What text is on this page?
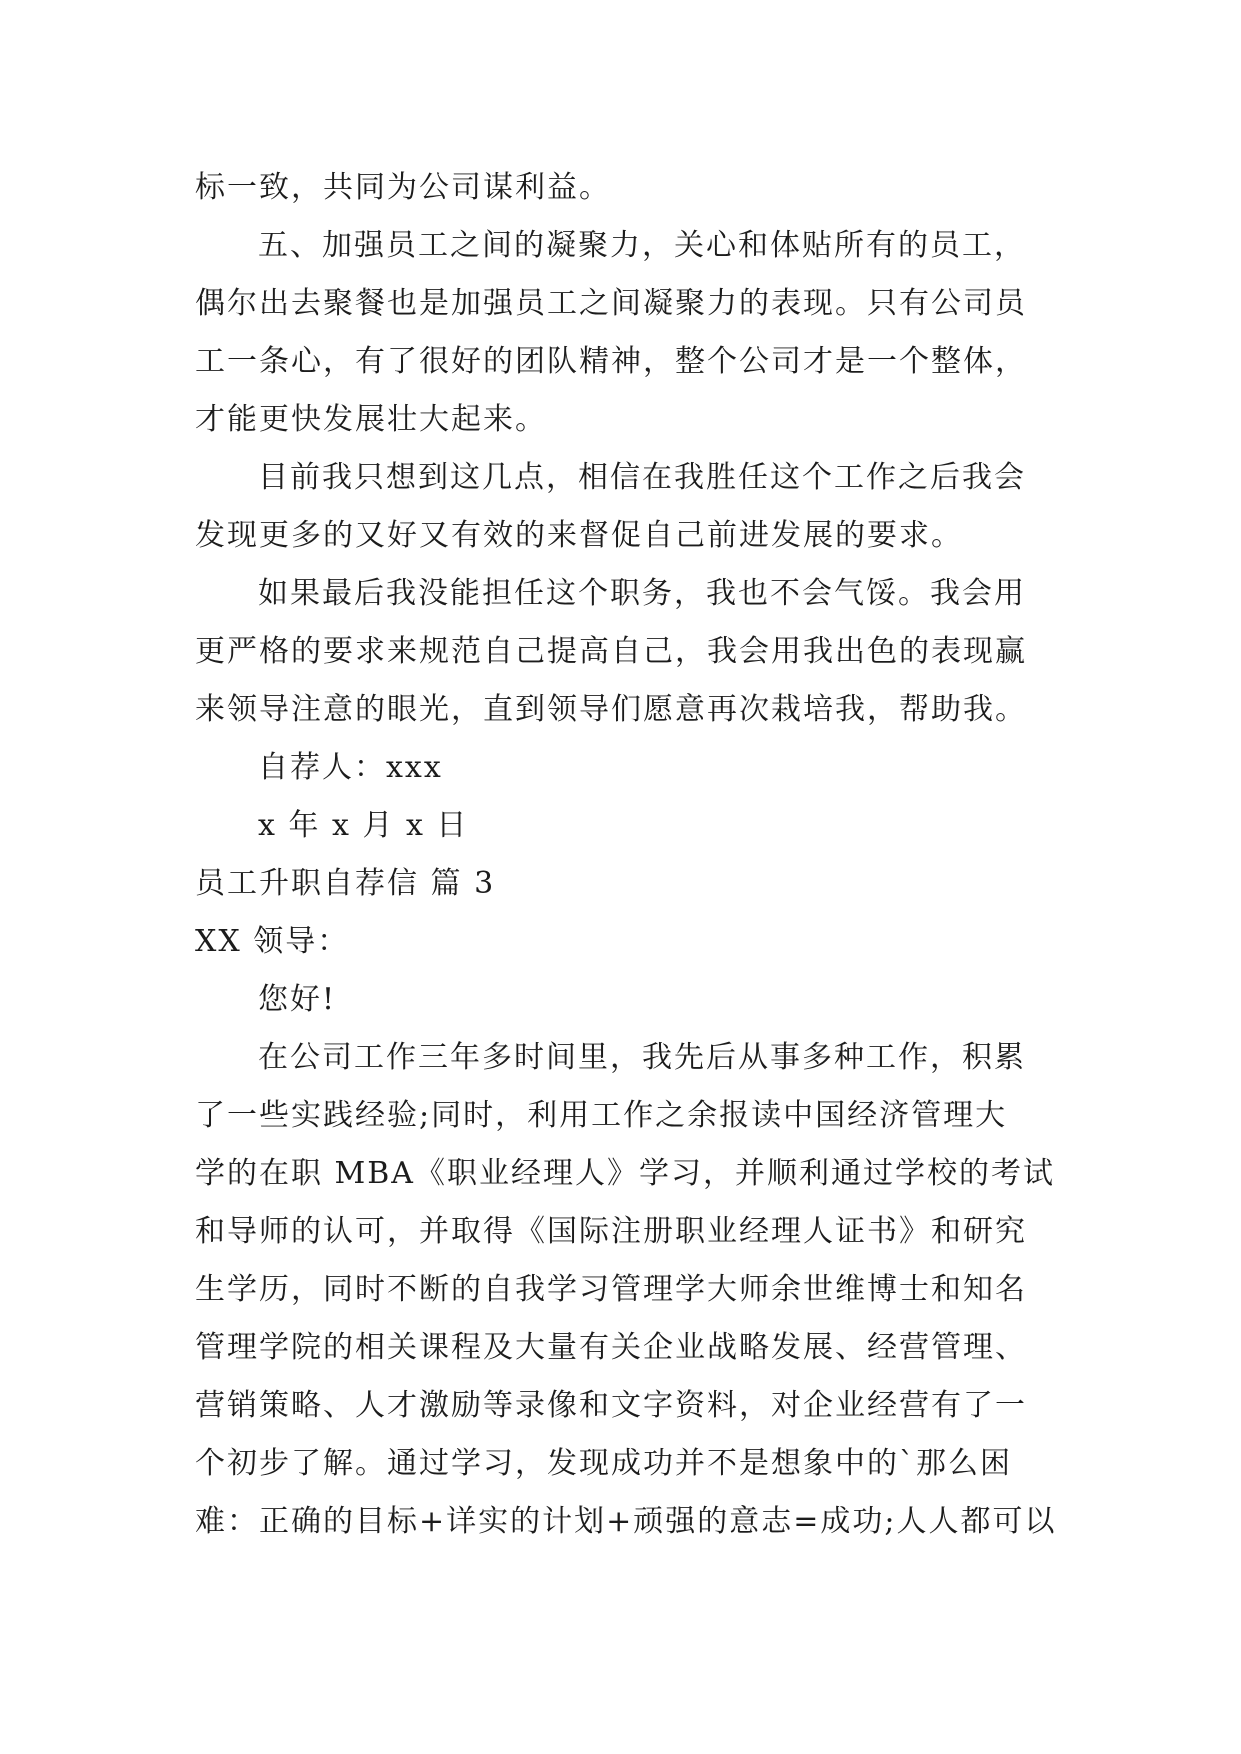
标一致，共同为公司谋利益。
五、加强员工之间的凝聚力，关心和体贴所有的员工，
偶尔出去聚餐也是加强员工之间凝聚力的表现。只有公司员
工一条心，有了很好的团队精神，整个公司才是一个整体，
才能更快发展壮大起来。
目前我只想到这几点，相信在我胜任这个工作之后我会
发现更多的又好又有效的来督促自己前进发展的要求。
如果最后我没能担任这个职务，我也不会气馁。我会用
更严格的要求来规范自己提高自己，我会用我出色的表现赢
来领导注意的眼光，直到领导们愿意再次栽培我，帮助我。
自荐人：xxx
x 年 x 月 x 日
员工升职自荐信 篇 3
XX 领导：
您好!
在公司工作三年多时间里，我先后从事多种工作，积累
了一些实践经验;同时，利用工作之余报读中国经济管理大
学的在职 MBA《职业经理人》学习，并顺利通过学校的考试
和导师的认可，并取得《国际注册职业经理人证书》和研究
生学历，同时不断的自我学习管理学大师余世维博士和知名
管理学院的相关课程及大量有关企业战略发展、经营管理、
营销策略、人才激励等录像和文字资料，对企业经营有了一
个初步了解。通过学习，发现成功并不是想象中的`那么困
难：正确的目标+详实的计划+顽强的意志=成功;人人都可以
